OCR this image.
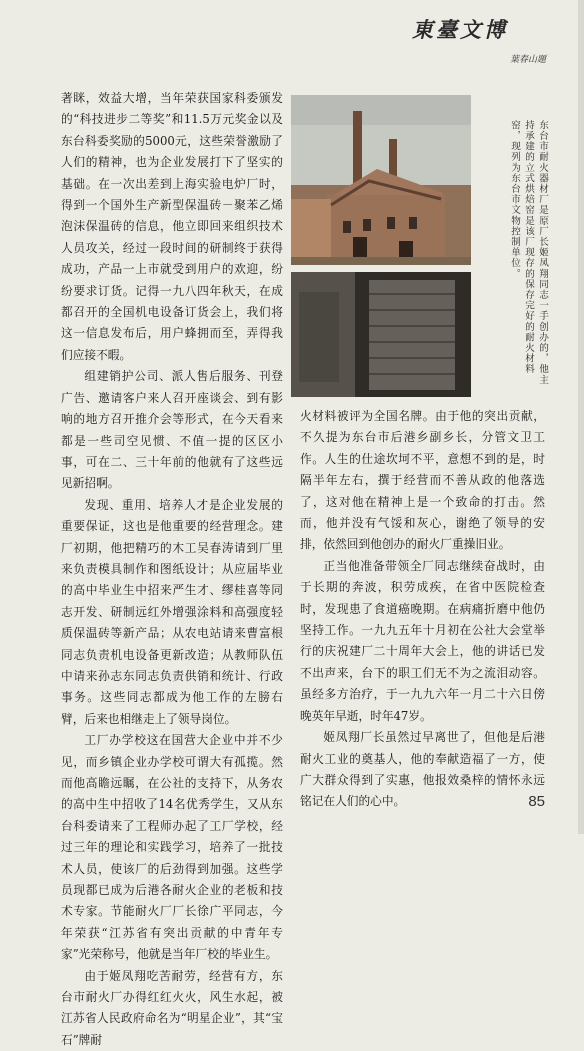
東臺文博
葉春山題

著眯，效益大增，当年荣获国家科委颁发的“科技进步二等奖”和11.5万元奖金以及东台科委奖励的5000元，这些荣誉激励了人们的精神，也为企业发展打下了坚实的基础。在一次出差到上海实验电炉厂时，得到一个国外生产新型保温砖－聚苯乙烯泡沫保温砖的信息，他立即回来组织技术人员攻关，经过一段时间的研制终于获得成功，产品一上市就受到用户的欢迎，纷纷要求订货。记得一九八四年秋天，在成都召开的全国机电设备订货会上，我们将这一信息发布后，用户蜂拥而至，弄得我们应接不暇。

组建销护公司、派人售后服务、刊登广告、邀请客户来人召开座谈会、到有影响的地方召开推介会等形式，在今天看来都是一些司空见惯、不值一提的区区小事，可在二、三十年前的他就有了这些远见新招啊。

发现、重用、培养人才是企业发展的重要保证，这也是他重要的经营理念。建厂初期，他把精巧的木工吴春涛请到厂里来负责模具制作和图纸设计；从应届毕业的高中毕业生中招来严生才、缪桂喜等同志开发、研制远红外增强涂料和高强度轻质保温砖等新产品；从农电站请来曹富根同志负责机电设备更新改造；从教师队伍中请来孙志东同志负责供销和统计、行政事务。这些同志都成为他工作的左膀右臂，后来也相继走上了领导岗位。

工厂办学校这在国营大企业中并不少见，而乡镇企业办学校可谓大有孤揽。然而他高瞻远瞩，在公社的支持下，从务农的高中生中招收了14名优秀学生，又从东台科委请来了工程师办起了工厂学校，经过三年的理论和实践学习，培养了一批技术人员，使该厂的后劲得到加强。这些学员现都已成为后港各耐火企业的老板和技术专家。节能耐火厂厂长徐广平同志，今年荣获“江苏省有突出贡献的中青年专家”光荣称号，他就是当年厂校的毕业生。

由于姬凤翔吃苦耐劳，经营有方，东台市耐火厂办得红红火火，风生水起，被江苏省人民政府命名为“明星企业”，其“宝石”牌耐

东台市耐火器材厂是原厂长姬凤翔同志一手创办的，他主持承建的立式烘焙窑是该厂现存的保存完好的耐火材料窑，现列为东台市文物控制单位。

火材料被评为全国名牌。由于他的突出贡献，不久提为东台市后港乡副乡长，分管文卫工作。人生的仕途坎坷不平，意想不到的是，时隔半年左右，撰于经营而不善从政的他落选了，这对他在精神上是一个致命的打击。然而，他并没有气馁和灰心，谢绝了领导的安排，依然回到他创办的耐火厂重操旧业。

正当他准备带领全厂同志继续奋战时，由于长期的奔波，积劳成疾，在省中医院检查时，发现患了食道癌晚期。在病痛折磨中他仍坚持工作。一九九五年十月初在公社大会堂举行的庆祝建厂二十周年大会上，他的讲话已发不出声来，台下的职工们无不为之流泪动容。虽经多方治疗，于一九九六年一月二十六日傍晚英年早逝，时年47岁。

姬凤翔厂长虽然过早离世了，但他是后港耐火工业的奠基人，他的奉献造福了一方，使广大群众得到了实惠，他报效桑梓的情怀永远铭记在人们的心中。	85
